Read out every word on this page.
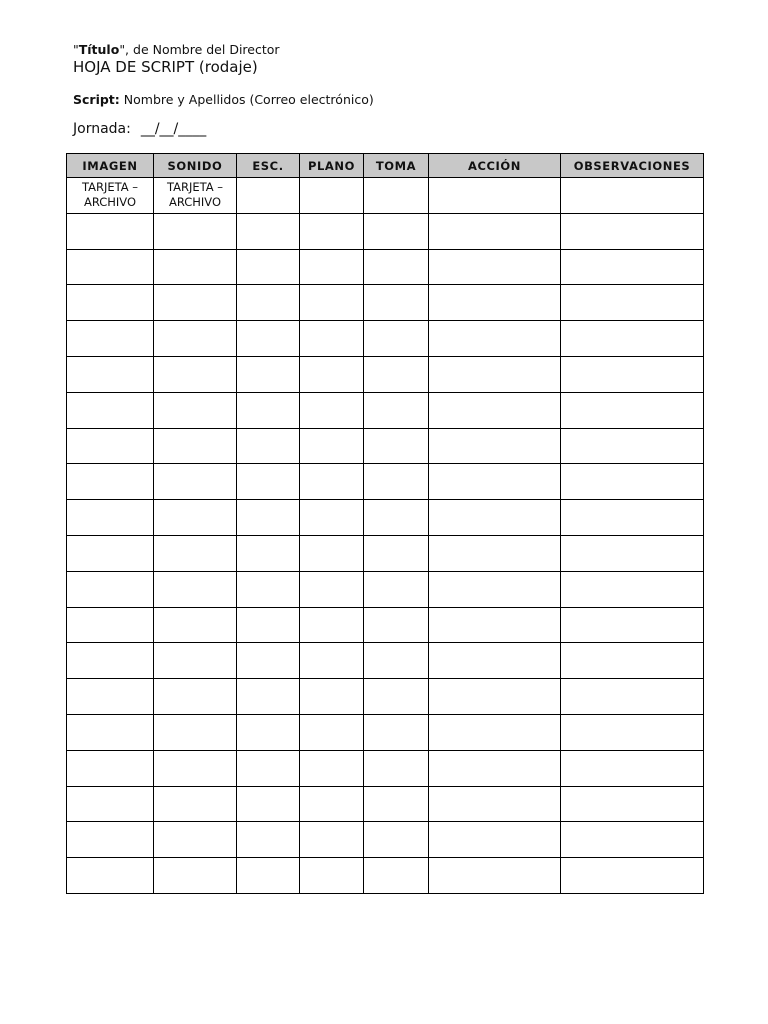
"Título", de Nombre del Director
HOJA DE SCRIPT (rodaje)
Script: Nombre y Apellidos (Correo electrónico)
Jornada: __/__/____
IMAGEN	SONIDO	ESC.	PLANO	TOMA	ACCIÓN	OBSERVACIONES

TARJETA – ARCHIVO	TARJETA – ARCHIVO					
